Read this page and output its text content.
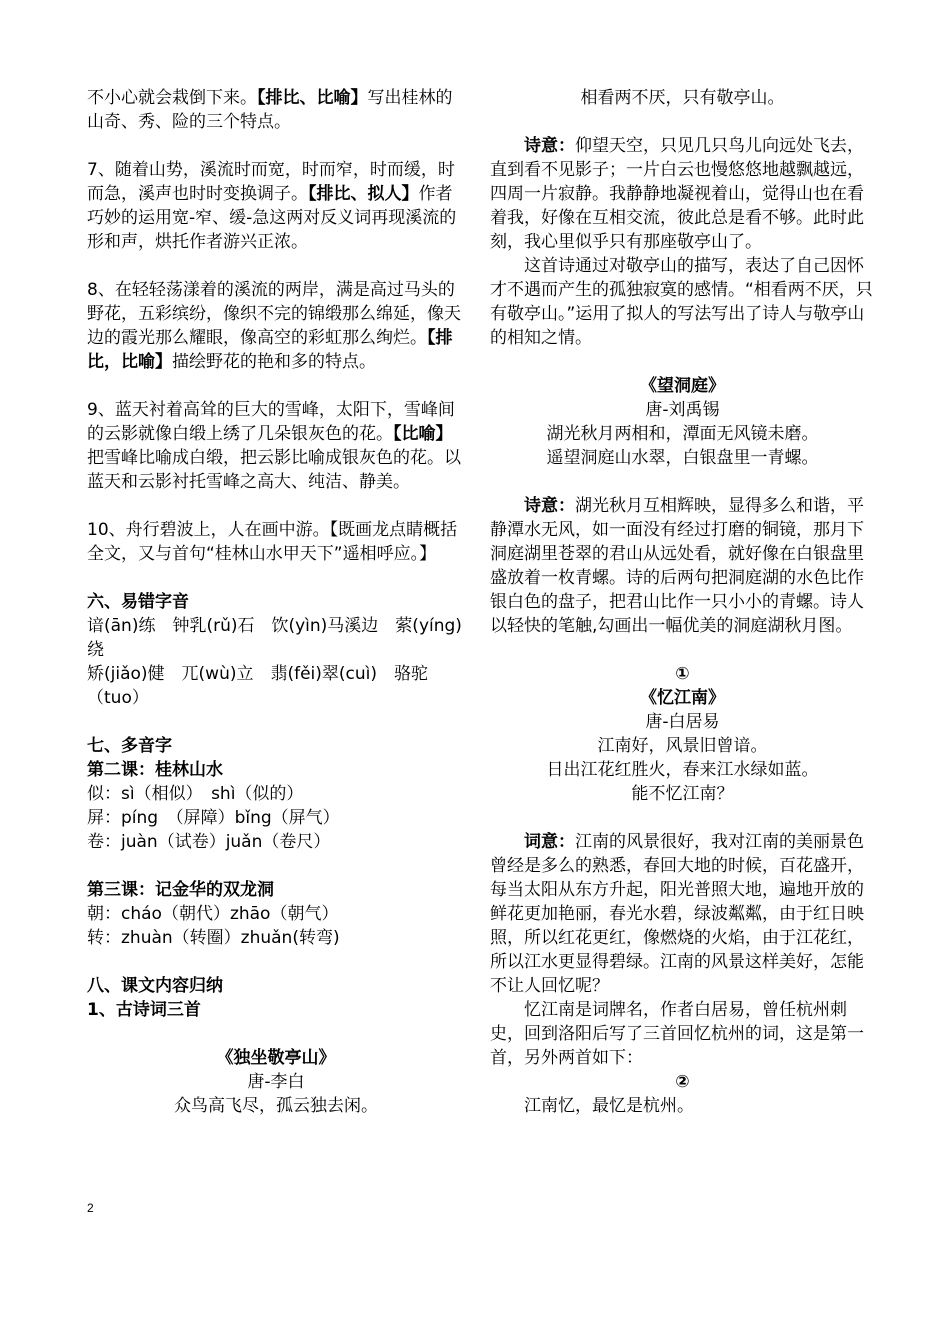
不小心就会栽倒下来。【排比、比喻】写出桂林的山奇、秀、险的三个特点。

7、随着山势，溪流时而宽，时而窄，时而缓，时而急，溪声也时时变换调子。【排比、拟人】作者巧妙的运用宽-窄、缓-急这两对反义词再现溪流的形和声，烘托作者游兴正浓。

8、在轻轻荡漾着的溪流的两岸，满是高过马头的野花，五彩缤纷，像织不完的锦缎那么绵延，像天边的霞光那么耀眼，像高空的彩虹那么绚烂。【排比，比喻】描绘野花的艳和多的特点。

9、蓝天衬着高耸的巨大的雪峰，太阳下，雪峰间的云影就像白缎上绣了几朵银灰色的花。【比喻】把雪峰比喻成白缎，把云影比喻成银灰色的花。以蓝天和云影衬托雪峰之高大、纯洁、静美。

10、舟行碧波上，人在画中游。【既画龙点睛概括全文，又与首句“桂林山水甲天下”遥相呼应。】

六、易错字音

谙(ān)练　钟乳(rǔ)石　饮(yìn)马溪边　萦(yíng)绕

矫(jiǎo)健　兀(wù)立　翡(fěi)翠(cuì)　骆驼（tuo）

七、多音字

第二课：桂林山水

似：sì（相似）　shì（似的）

屏：píng　（屏障）bǐng（屏气）

卷：juàn（试卷）juǎn（卷尺）

第三课：记金华的双龙洞

朝：cháo（朝代）zhāo（朝气）

转：zhuàn（转圈）zhuǎn(转弯)

八、课文内容归纳

1、古诗词三首

《独坐敬亭山》

唐-李白

众鸟高飞尽，孤云独去闲。

相看两不厌，只有敬亭山。

诗意：仰望天空，只见几只鸟儿向远处飞去，直到看不见影子；一片白云也慢悠悠地越飘越远，四周一片寂静。我静静地凝视着山，觉得山也在看着我，好像在互相交流，彼此总是看不够。此时此刻，我心里似乎只有那座敬亭山了。

这首诗通过对敬亭山的描写，表达了自己因怀才不遇而产生的孤独寂寞的感情。“相看两不厌，只有敬亭山。”运用了拟人的写法写出了诗人与敬亭山的相知之情。

《望洞庭》

唐-刘禹锡

湖光秋月两相和，潭面无风镜未磨。

遥望洞庭山水翠，白银盘里一青螺。

诗意：湖光秋月互相辉映，显得多么和谐，平静潭水无风，如一面没有经过打磨的铜镜，那月下洞庭湖里苍翠的君山从远处看，就好像在白银盘里盛放着一枚青螺。诗的后两句把洞庭湖的水色比作银白色的盘子，把君山比作一只小小的青螺。诗人以轻快的笔触,勾画出一幅优美的洞庭湖秋月图。

①

《忆江南》

唐-白居易

江南好，风景旧曾谙。

日出江花红胜火，春来江水绿如蓝。

能不忆江南？

词意：江南的风景很好，我对江南的美丽景色曾经是多么的熟悉，春回大地的时候，百花盛开，每当太阳从东方升起，阳光普照大地，遍地开放的鲜花更加艳丽，春光水碧，绿波粼粼，由于红日映照，所以红花更红，像燃烧的火焰，由于江花红，所以江水更显得碧绿。江南的风景这样美好，怎能不让人回忆呢？

忆江南是词牌名，作者白居易，曾任杭州刺史，回到洛阳后写了三首回忆杭州的词，这是第一首，另外两首如下：

②

江南忆，最忆是杭州。

2
